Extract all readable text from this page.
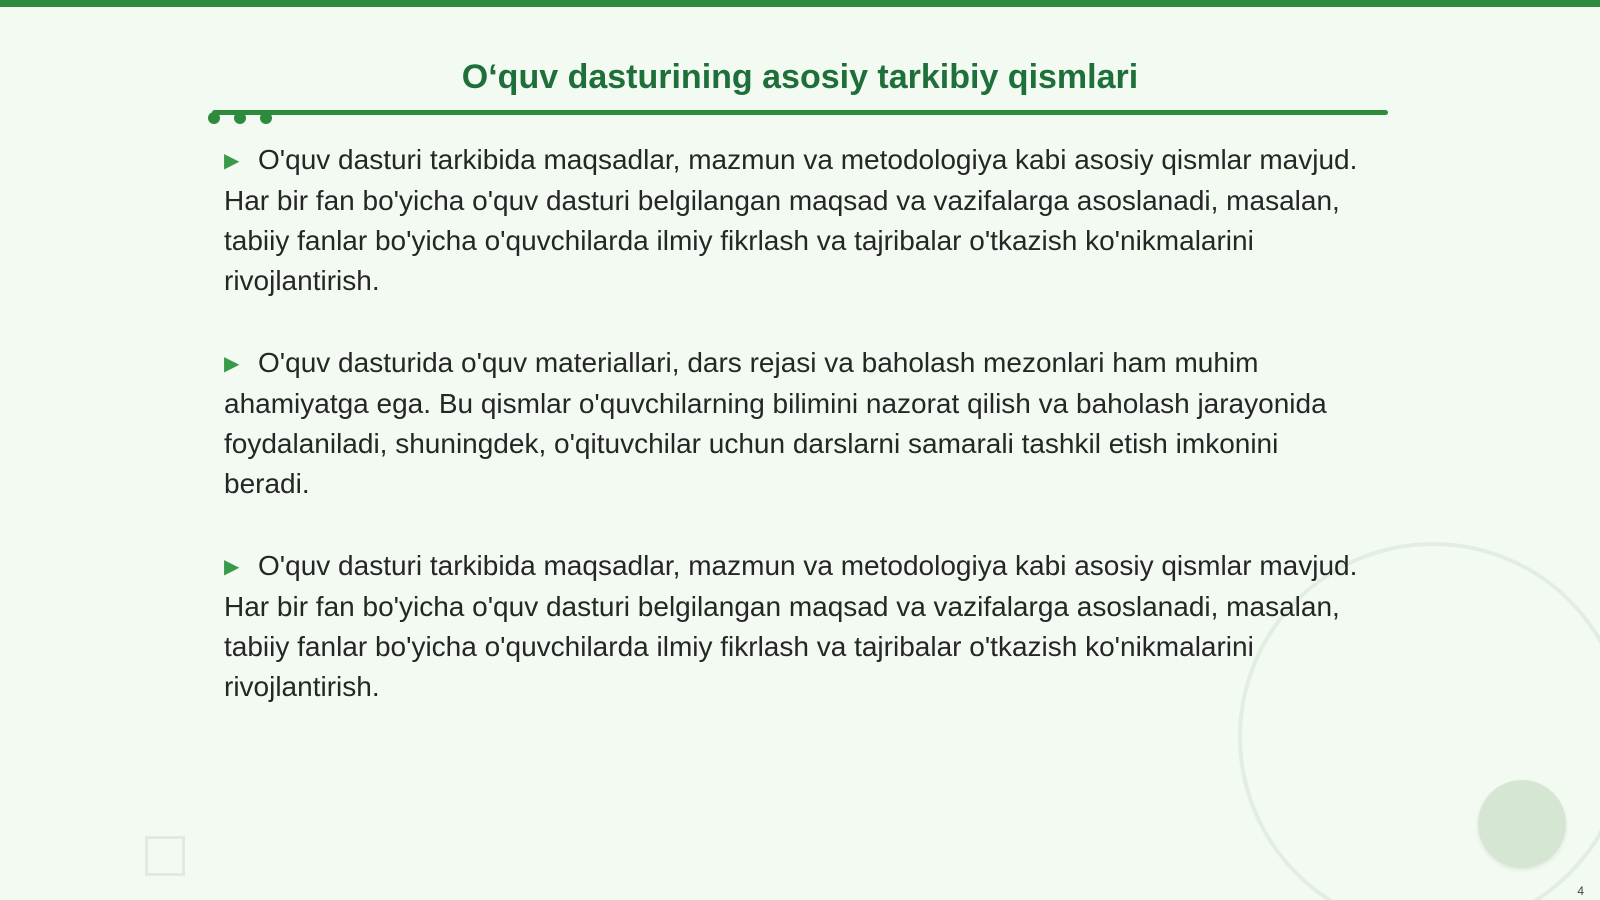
O‘quv dasturining asosiy tarkibiy qismlari

▶ O'quv dasturi tarkibida maqsadlar, mazmun va metodologiya kabi asosiy qismlar mavjud. Har bir fan bo'yicha o'quv dasturi belgilangan maqsad va vazifalarga asoslanadi, masalan, tabiiy fanlar bo'yicha o'quvchilarda ilmiy fikrlash va tajribalar o'tkazish ko'nikmalarini rivojlantirish.

▶ O'quv dasturida o'quv materiallari, dars rejasi va baholash mezonlari ham muhim ahamiyatga ega. Bu qismlar o'quvchilarning bilimini nazorat qilish va baholash jarayonida foydalaniladi, shuningdek, o'qituvchilar uchun darslarni samarali tashkil etish imkonini beradi.

▶ O'quv dasturi tarkibida maqsadlar, mazmun va metodologiya kabi asosiy qismlar mavjud. Har bir fan bo'yicha o'quv dasturi belgilangan maqsad va vazifalarga asoslanadi, masalan, tabiiy fanlar bo'yicha o'quvchilarda ilmiy fikrlash va tajribalar o'tkazish ko'nikmalarini rivojlantirish.

4
